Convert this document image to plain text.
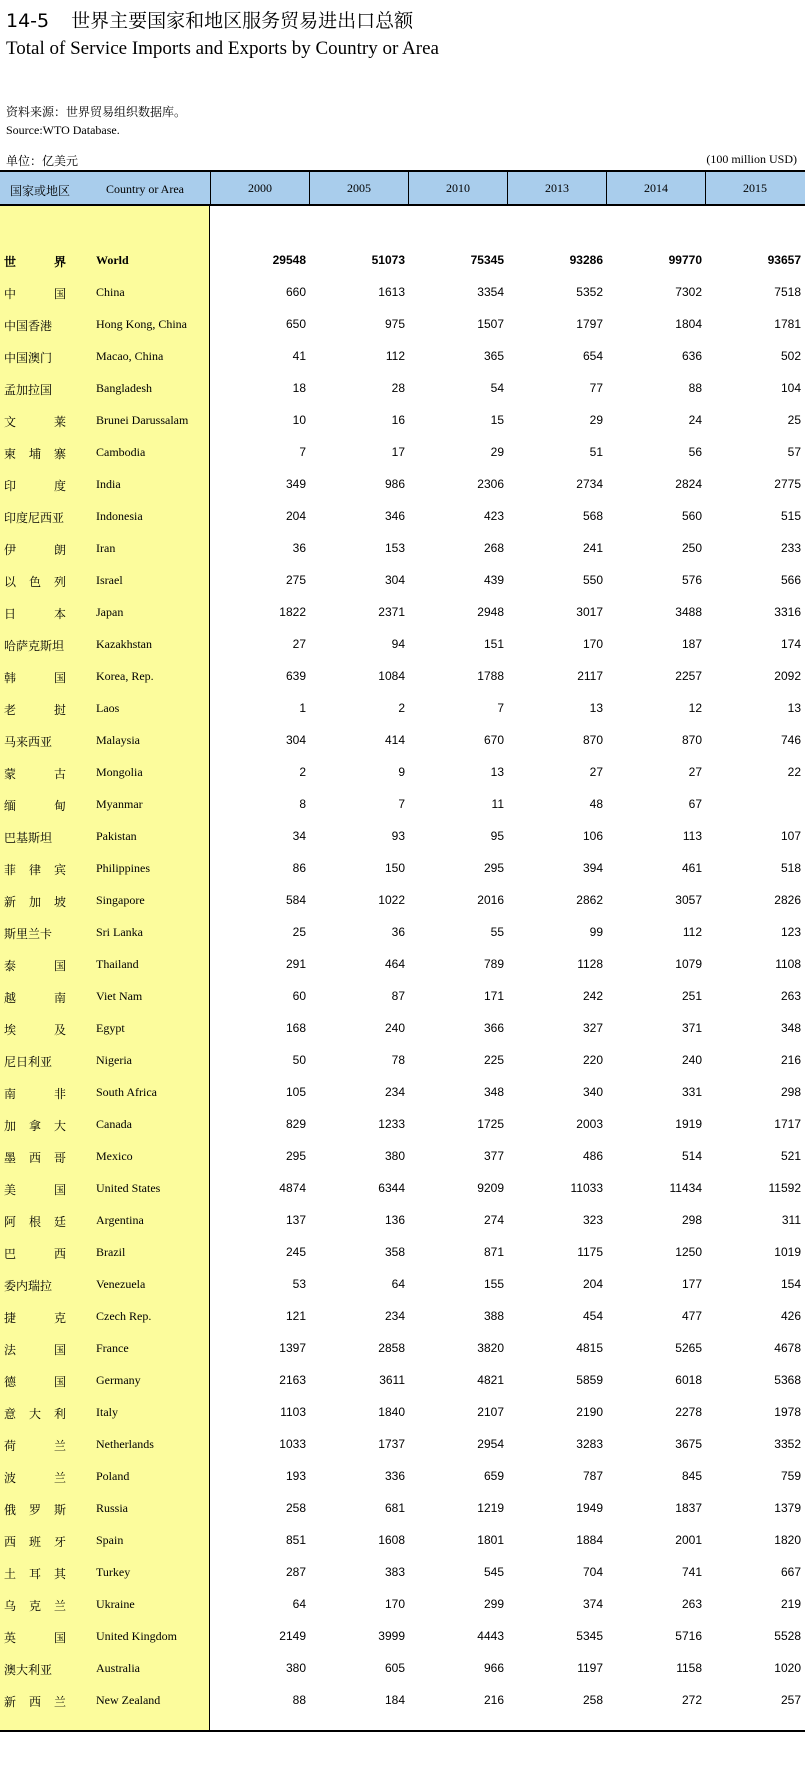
14-5 世界主要国家和地区服务贸易进出口总额
Total of Service Imports and Exports by Country or Area
资料来源：世界贸易组织数据库。
Source:WTO Database.
单位：亿美元	(100 million USD)
国家或地区	Country or Area	2000	2005	2010	2013	2014	2015
世界	World	29548	51073	75345	93286	99770	93657
中国	China	660	1613	3354	5352	7302	7518
中国香港	Hong Kong, China	650	975	1507	1797	1804	1781
中国澳门	Macao, China	41	112	365	654	636	502
孟加拉国	Bangladesh	18	28	54	77	88	104
文莱	Brunei Darussalam	10	16	15	29	24	25
柬埔寨	Cambodia	7	17	29	51	56	57
印度	India	349	986	2306	2734	2824	2775
印度尼西亚	Indonesia	204	346	423	568	560	515
伊朗	Iran	36	153	268	241	250	233
以色列	Israel	275	304	439	550	576	566
日本	Japan	1822	2371	2948	3017	3488	3316
哈萨克斯坦	Kazakhstan	27	94	151	170	187	174
韩国	Korea, Rep.	639	1084	1788	2117	2257	2092
老挝	Laos	1	2	7	13	12	13
马来西亚	Malaysia	304	414	670	870	870	746
蒙古	Mongolia	2	9	13	27	27	22
缅甸	Myanmar	8	7	11	48	67
巴基斯坦	Pakistan	34	93	95	106	113	107
菲律宾	Philippines	86	150	295	394	461	518
新加坡	Singapore	584	1022	2016	2862	3057	2826
斯里兰卡	Sri Lanka	25	36	55	99	112	123
泰国	Thailand	291	464	789	1128	1079	1108
越南	Viet Nam	60	87	171	242	251	263
埃及	Egypt	168	240	366	327	371	348
尼日利亚	Nigeria	50	78	225	220	240	216
南非	South Africa	105	234	348	340	331	298
加拿大	Canada	829	1233	1725	2003	1919	1717
墨西哥	Mexico	295	380	377	486	514	521
美国	United States	4874	6344	9209	11033	11434	11592
阿根廷	Argentina	137	136	274	323	298	311
巴西	Brazil	245	358	871	1175	1250	1019
委内瑞拉	Venezuela	53	64	155	204	177	154
捷克	Czech Rep.	121	234	388	454	477	426
法国	France	1397	2858	3820	4815	5265	4678
德国	Germany	2163	3611	4821	5859	6018	5368
意大利	Italy	1103	1840	2107	2190	2278	1978
荷兰	Netherlands	1033	1737	2954	3283	3675	3352
波兰	Poland	193	336	659	787	845	759
俄罗斯	Russia	258	681	1219	1949	1837	1379
西班牙	Spain	851	1608	1801	1884	2001	1820
土耳其	Turkey	287	383	545	704	741	667
乌克兰	Ukraine	64	170	299	374	263	219
英国	United Kingdom	2149	3999	4443	5345	5716	5528
澳大利亚	Australia	380	605	966	1197	1158	1020
新西兰	New Zealand	88	184	216	258	272	257
